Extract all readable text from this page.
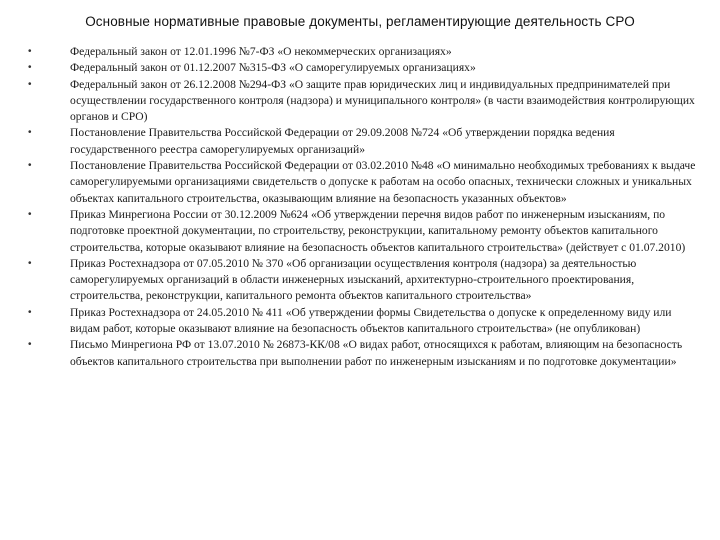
Основные нормативные правовые документы, регламентирующие деятельность СРО
•	Федеральный закон от 12.01.1996 №7-ФЗ «О некоммерческих организациях»
•	Федеральный закон от 01.12.2007 №315-ФЗ «О саморегулируемых организациях»
•	Федеральный закон от 26.12.2008 №294-ФЗ «О защите прав юридических лиц и индивидуальных предпринимателей при осуществлении государственного контроля (надзора) и муниципального контроля» (в части взаимодействия контролирующих органов и СРО)
•	Постановление Правительства Российской Федерации от 29.09.2008 №724 «Об утверждении порядка ведения государственного реестра саморегулируемых организаций»
•	Постановление Правительства Российской Федерации от 03.02.2010 №48 «О минимально необходимых требованиях к выдаче саморегулируемыми организациями свидетельств о допуске к работам на особо опасных, технически сложных и уникальных объектах капитального строительства, оказывающим влияние на безопасность указанных объектов»
•	Приказ Минрегиона России от 30.12.2009 №624 «Об утверждении перечня видов работ по инженерным изысканиям, по подготовке проектной документации, по строительству, реконструкции, капитальному ремонту объектов капитального строительства, которые оказывают влияние на безопасность объектов капитального строительства» (действует с 01.07.2010)
•	Приказ Ростехнадзора от 07.05.2010 № 370 «Об организации осуществления контроля (надзора) за деятельностью саморегулируемых организаций в области инженерных изысканий, архитектурно-строительного проектирования, строительства, реконструкции, капитального ремонта объектов капитального строительства»
•	Приказ Ростехнадзора от 24.05.2010 № 411 «Об утверждении формы Свидетельства о допуске к определенному виду или видам работ, которые оказывают влияние на безопасность объектов капитального строительства» (не опубликован)
•	Письмо Минрегиона РФ от 13.07.2010 № 26873-КК/08 «О видах работ, относящихся к работам, влияющим на безопасность объектов капитального строительства при выполнении работ по инженерным изысканиям и по подготовке документации»
